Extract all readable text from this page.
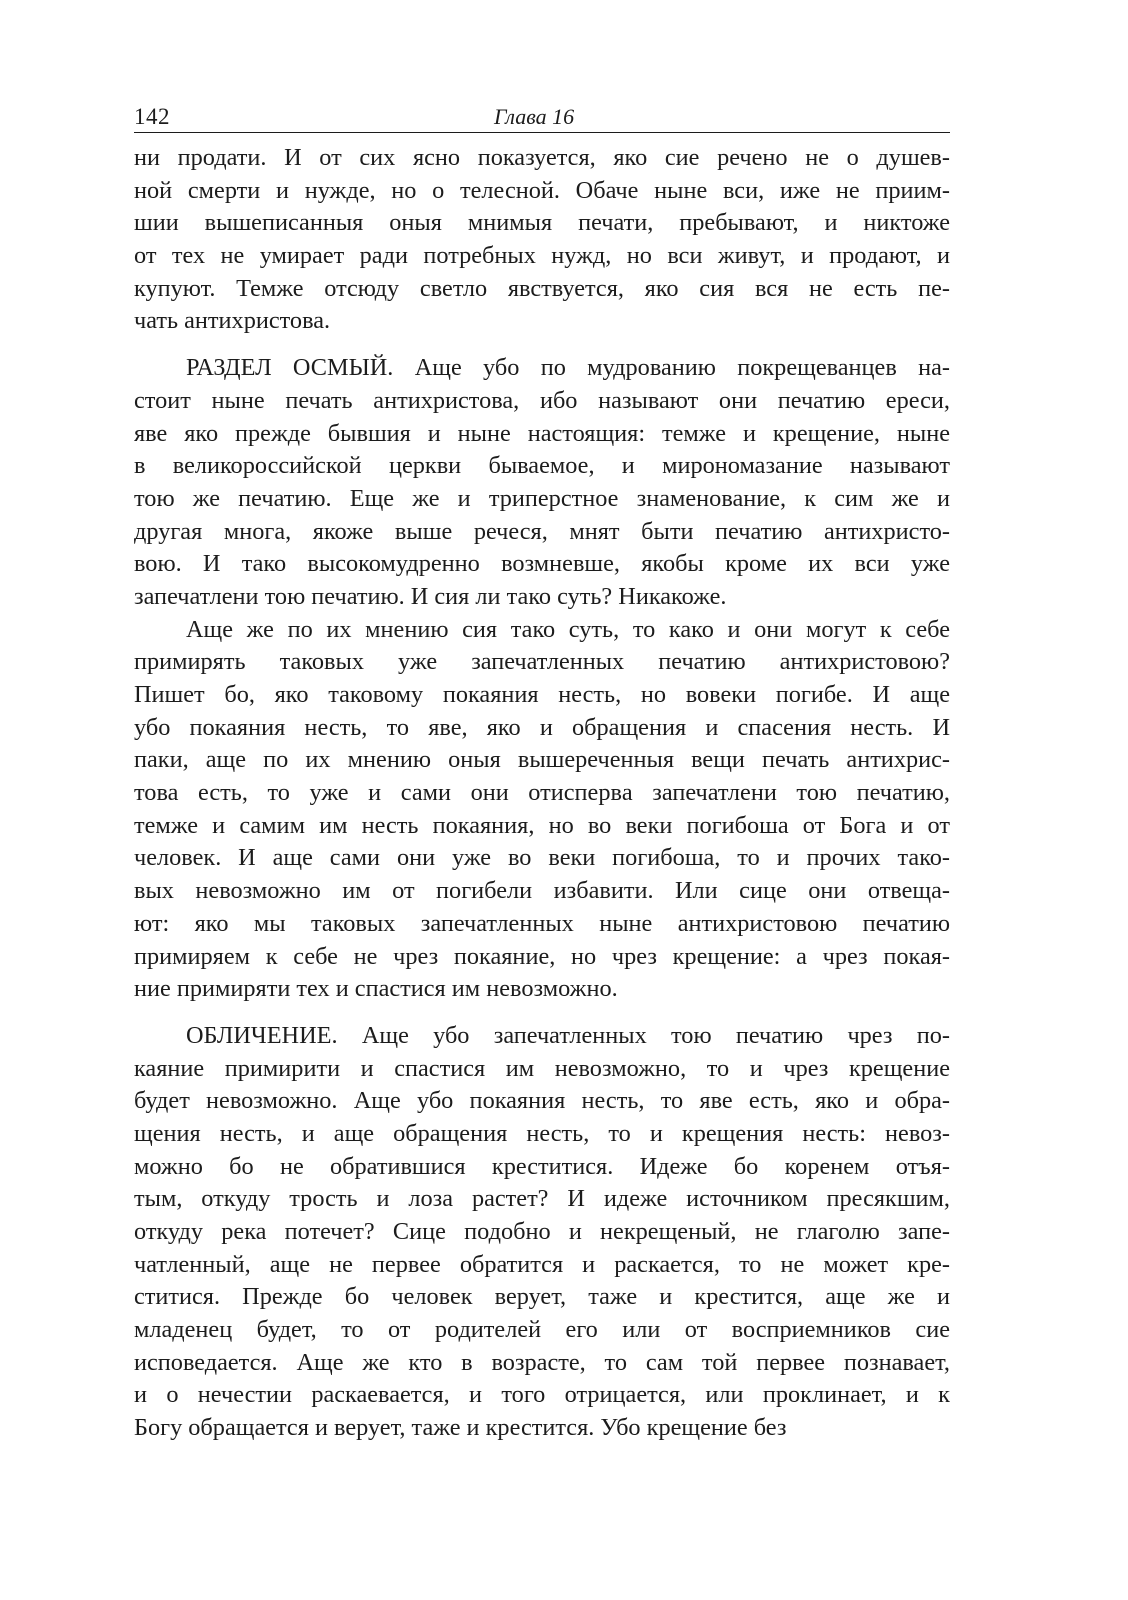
142	Глава 16
ни продати. И от сих ясно показуется, яко сие речено не о душев-
ной смерти и нужде, но о телесной. Обаче ныне вси, иже не приим-
шии вышеписанныя оныя мнимыя печати, пребывают, и никтоже
от тех не умирает ради потребных нужд, но вси живут, и продают, и
купуют. Темже отсюду светло явствуется, яко сия вся не есть пе-
чать антихристова.
РАЗДЕЛ ОСМЫЙ. Аще убо по мудрованию покрещеванцев на-
стоит ныне печать антихристова, ибо называют они печатию ереси,
яве яко прежде бывшия и ныне настоящия: темже и крещение, ныне
в великороссийской церкви бываемое, и мирономазание называют
тою же печатию. Еще же и триперстное знаменование, к сим же и
другая многа, якоже выше речеся, мнят быти печатию антихристо-
вою. И тако высокомудренно возмневше, якобы кроме их вси уже
запечатлени тою печатию. И сия ли тако суть? Никакоже.
Аще же по их мнению сия тако суть, то како и они могут к себе
примирять таковых уже запечатленных печатию антихристовою?
Пишет бо, яко таковому покаяния несть, но вовеки погибе. И аще
убо покаяния несть, то яве, яко и обращения и спасения несть. И
паки, аще по их мнению оныя вышереченныя вещи печать антихрис-
това есть, то уже и сами они отиспервa запечатлени тою печатию,
темже и самим им несть покаяния, но во веки погибоша от Бога и от
человек. И аще сами они уже во веки погибоша, то и прочих тако-
вых невозможно им от погибели избавити. Или сице они отвеща-
ют: яко мы таковых запечатленных ныне антихристовою печатию
примиряем к себе не чрез покаяние, но чрез крещение: а чрез покая-
ние примиряти тех и спастися им невозможно.
ОБЛИЧЕНИЕ. Аще убо запечатленных тою печатию чрез по-
каяние примирити и спастися им невозможно, то и чрез крещение
будет невозможно. Аще убо покаяния несть, то яве есть, яко и обра-
щения несть, и аще обращения несть, то и крещения несть: невоз-
можно бо не обратившися креститися. Идеже бо коренем отъя-
тым, откуду трость и лоза растет? И идеже источником пресякшим,
откуду река потечет? Сице подобно и некрещеный, не глаголю запе-
чатленный, аще не первее обратится и раскается, то не может кре-
ститися. Прежде бо человек верует, таже и крестится, аще же и
младенец будет, то от родителей его или от восприемников сие
исповедается. Аще же кто в возрасте, то сам той первее познавает,
и о нечестии раскаевается, и того отрицается, или проклинает, и к
Богу обращается и верует, таже и крестится. Убо крещение без
